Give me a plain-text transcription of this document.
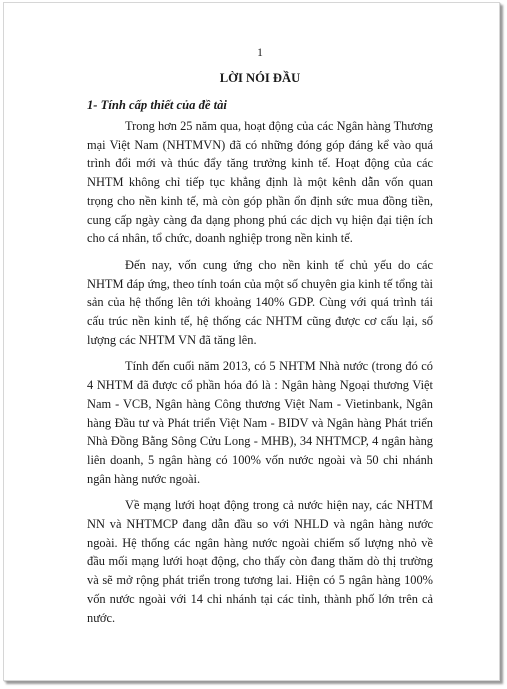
1
LỜI NÓI ĐẦU
1- Tính cấp thiết của đề tài

Trong hơn 25 năm qua, hoạt động của các Ngân hàng Thương mại Việt Nam (NHTMVN) đã có những đóng góp đáng kể vào quá trình đổi mới và thúc đẩy tăng trưởng kinh tế. Hoạt động của các NHTM không chỉ tiếp tục khẳng định là một kênh dẫn vốn quan trọng cho nền kinh tế, mà còn góp phần ổn định sức mua đồng tiền, cung cấp ngày càng đa dạng phong phú các dịch vụ hiện đại tiện ích cho cá nhân, tổ chức, doanh nghiệp trong nền kinh tế.

Đến nay, vốn cung ứng cho nền kinh tế chủ yếu do các NHTM đáp ứng, theo tính toán của một số chuyên gia kinh tế tổng tài sản của hệ thống lên tới khoảng 140% GDP. Cùng với quá trình tái cấu trúc nền kinh tế, hệ thống các NHTM cũng được cơ cấu lại, số lượng các NHTM VN đã tăng lên.

Tính đến cuối năm 2013, có 5 NHTM Nhà nước (trong đó có 4 NHTM đã được cổ phần hóa đó là : Ngân hàng Ngoại thương Việt Nam - VCB, Ngân hàng Công thương Việt Nam - Vietinbank, Ngân hàng Đầu tư và Phát triển Việt Nam - BIDV và Ngân hàng Phát triển Nhà Đồng Bằng Sông Cửu Long - MHB), 34 NHTMCP, 4 ngân hàng liên doanh, 5 ngân hàng có 100% vốn nước ngoài và 50 chi nhánh ngân hàng nước ngoài.

Về mạng lưới hoạt động trong cả nước hiện nay, các NHTM NN và NHTMCP đang dẫn đầu so với NHLD và ngân hàng nước ngoài. Hệ thống các ngân hàng nước ngoài chiếm số lượng nhỏ về đầu mối mạng lưới hoạt động, cho thấy còn đang thăm dò thị trường và sẽ mở rộng phát triển trong tương lai. Hiện có 5 ngân hàng 100% vốn nước ngoài với 14 chi nhánh tại các tỉnh, thành phố lớn trên cả nước.
